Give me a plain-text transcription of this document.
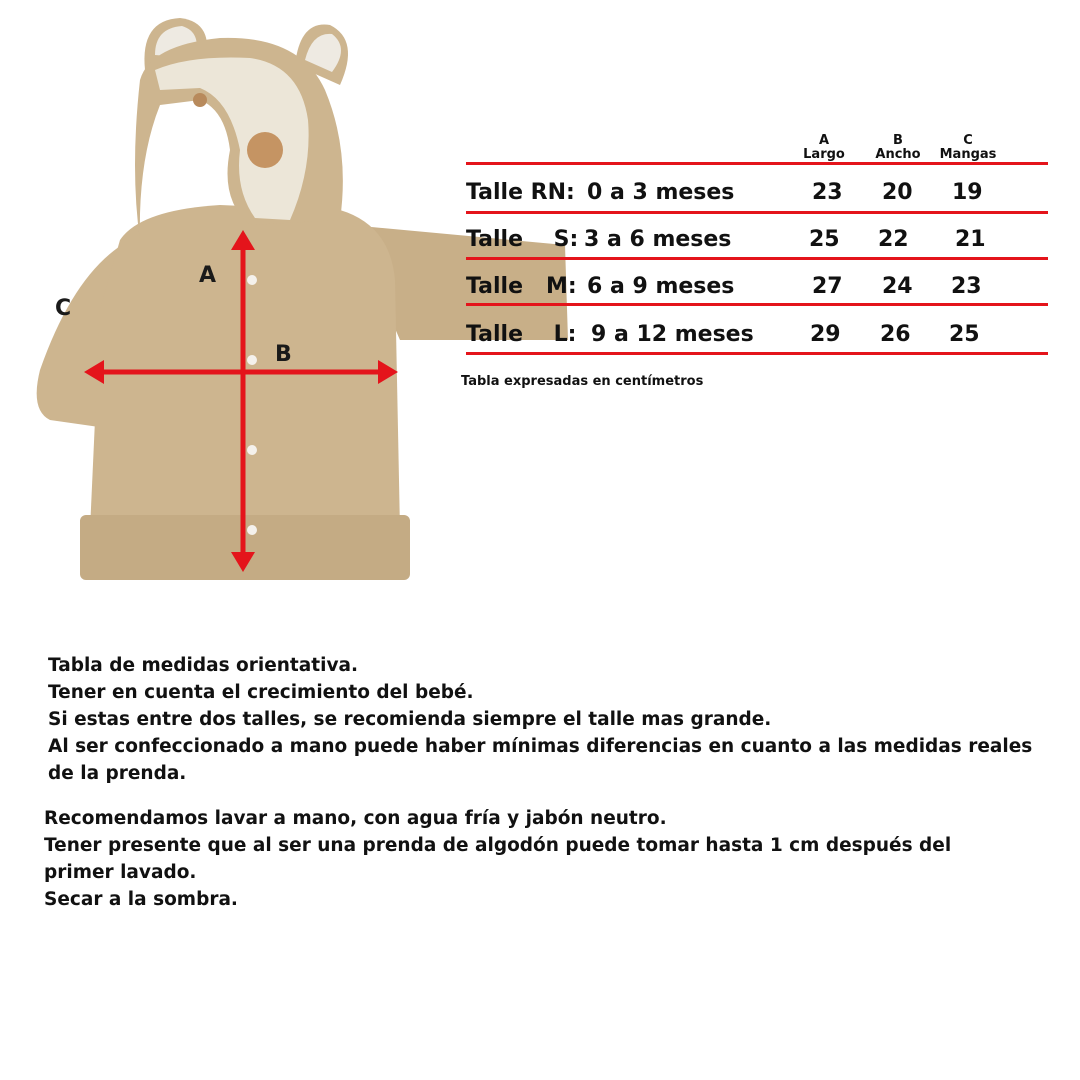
A
B
C
A
Largo
B
Ancho
C
Mangas
Talle RN: 0 a 3 meses	23 20 19
Talle    S: 3 a 6 meses	25 22 21
Talle   M: 6 a 9 meses	27 24 23
Talle    L: 9 a 12 meses	29 26 25
Tabla expresadas en centímetros
Tabla de medidas orientativa.
Tener en cuenta el crecimiento del bebé.
Si estas entre dos talles, se recomienda siempre el talle mas grande.
Al ser confeccionado a mano puede haber mínimas diferencias en cuanto a las medidas reales de la prenda.
Recomendamos lavar a mano, con agua fría y jabón neutro.
Tener presente que al ser una prenda de algodón puede tomar hasta 1 cm después del primer lavado.
Secar a la sombra.
